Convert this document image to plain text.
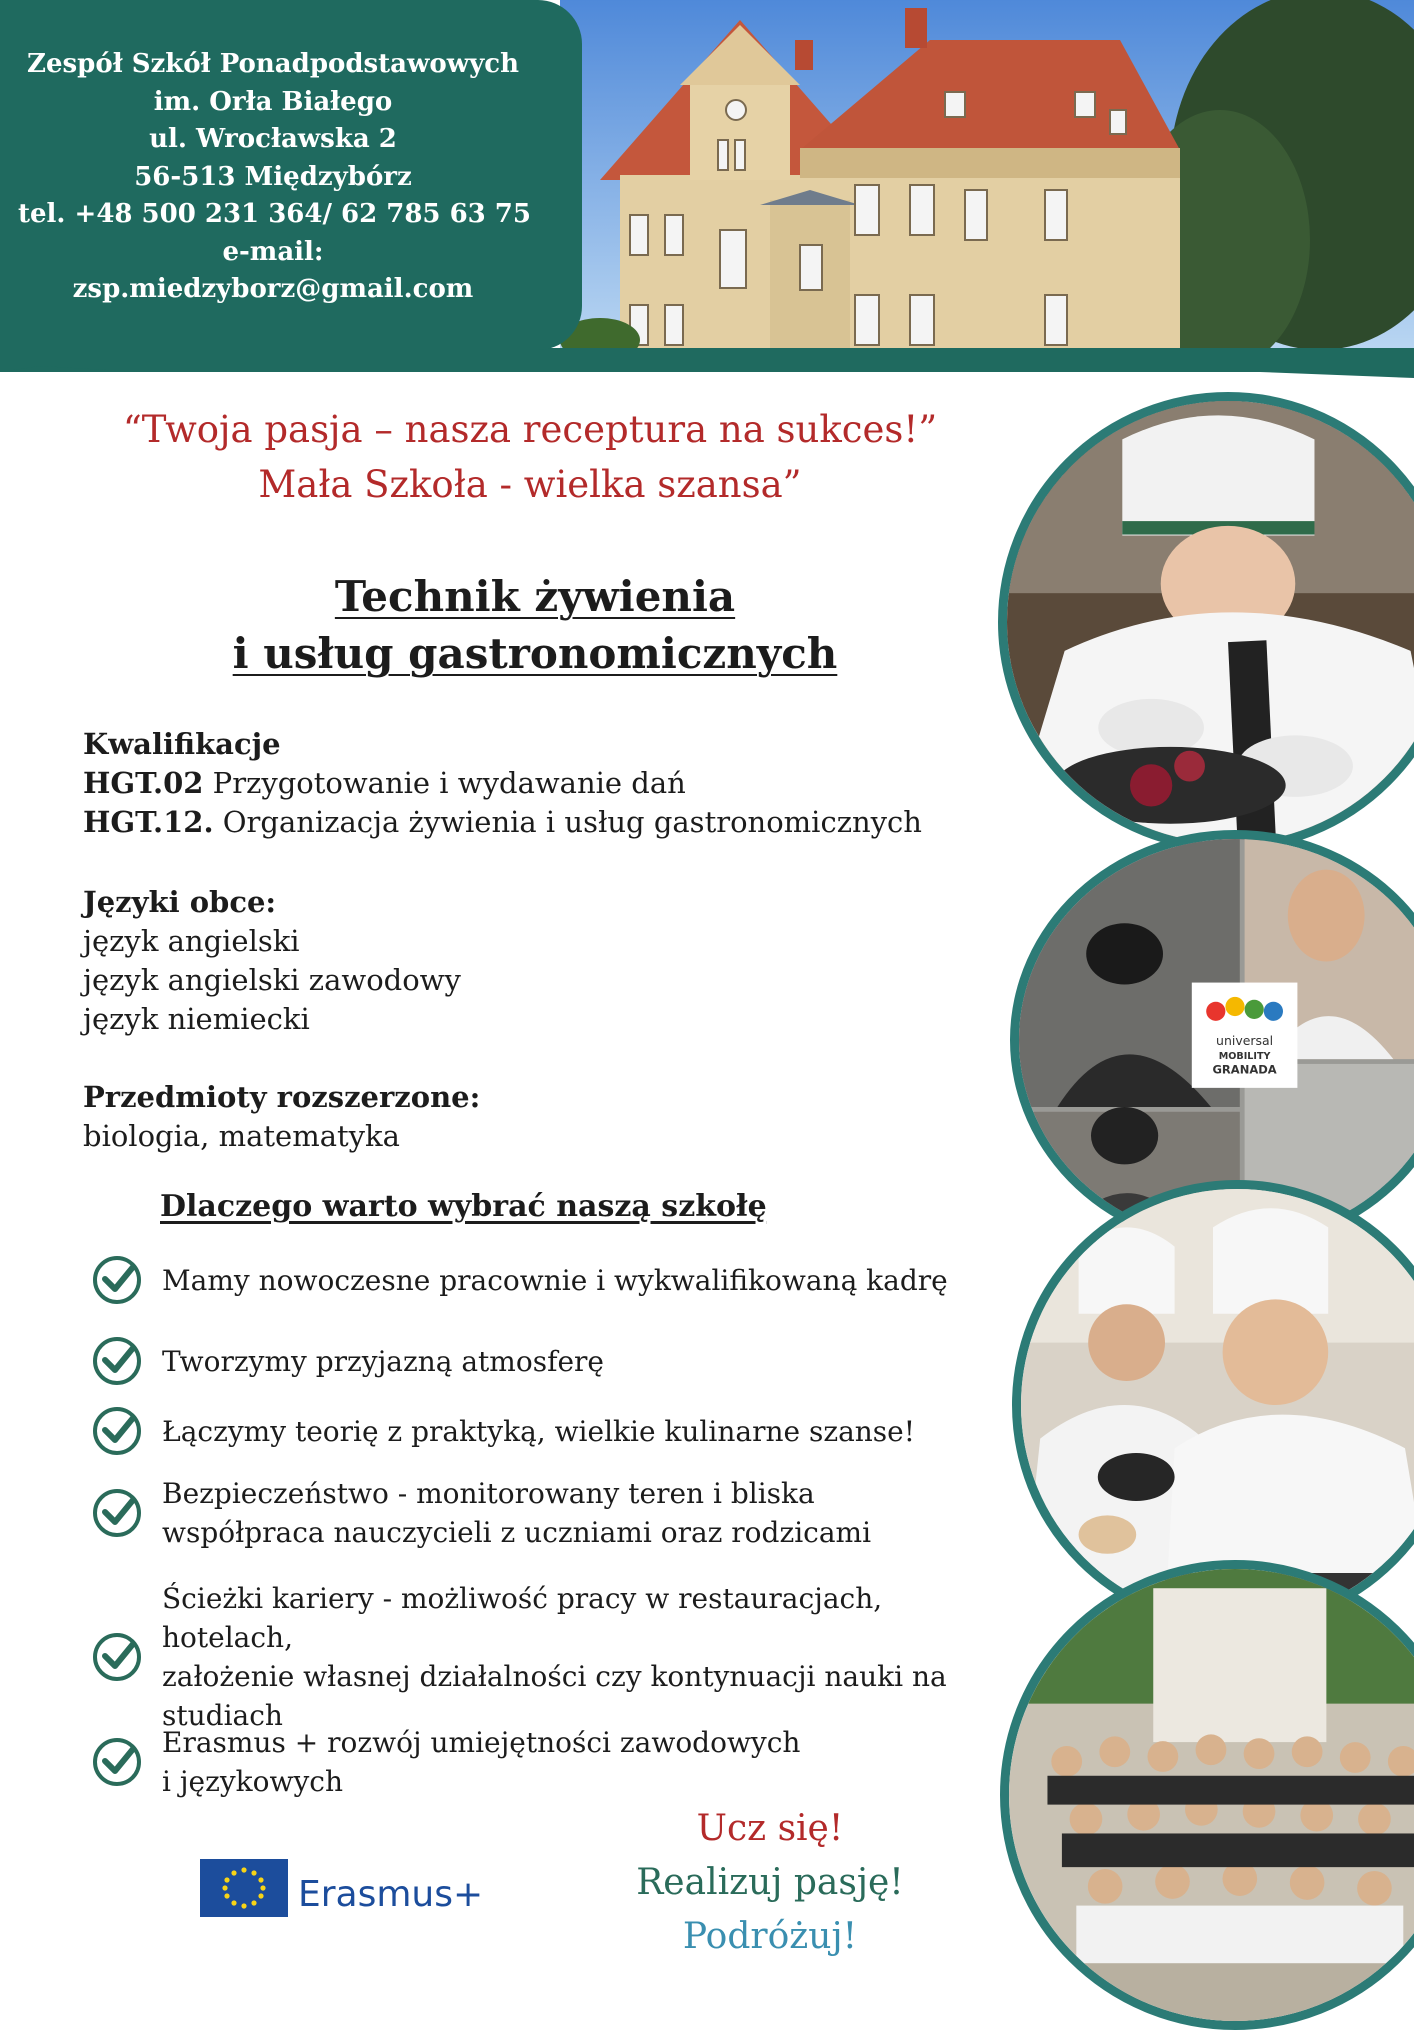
Zespół Szkół Ponadpodstawowych
im. Orła Białego
ul. Wrocławska 2
56-513 Międzybórz
tel. +48 500 231 364/ 62 785 63 75
e-mail:
zsp.miedzyborz@gmail.com
“Twoja pasja – nasza receptura na sukces!”
Mała Szkoła - wielka szansa”
Technik żywienia
i usług gastronomicznych
Kwalifikacje
HGT.02 Przygotowanie i wydawanie dań
HGT.12. Organizacja żywienia i usług gastronomicznych
Języki obce:
język angielski
język angielski zawodowy
język niemiecki
Przedmioty rozszerzone:
biologia, matematyka
Dlaczego warto wybrać naszą szkołę
Mamy nowoczesne pracownie i wykwalifikowaną kadrę
Tworzymy przyjazną atmosferę
Łączymy teorię z praktyką, wielkie kulinarne szanse!
Bezpieczeństwo - monitorowany teren i bliska
współpraca nauczycieli z uczniami oraz rodzicami
Ścieżki kariery - możliwość pracy w restauracjach, hotelach,
założenie własnej działalności czy kontynuacji nauki na
studiach
Erasmus + rozwój umiejętności zawodowych
i językowych
universal
MOBILITY
GRANADA
Erasmus+
Ucz się!
Realizuj pasję!
Podróżuj!
